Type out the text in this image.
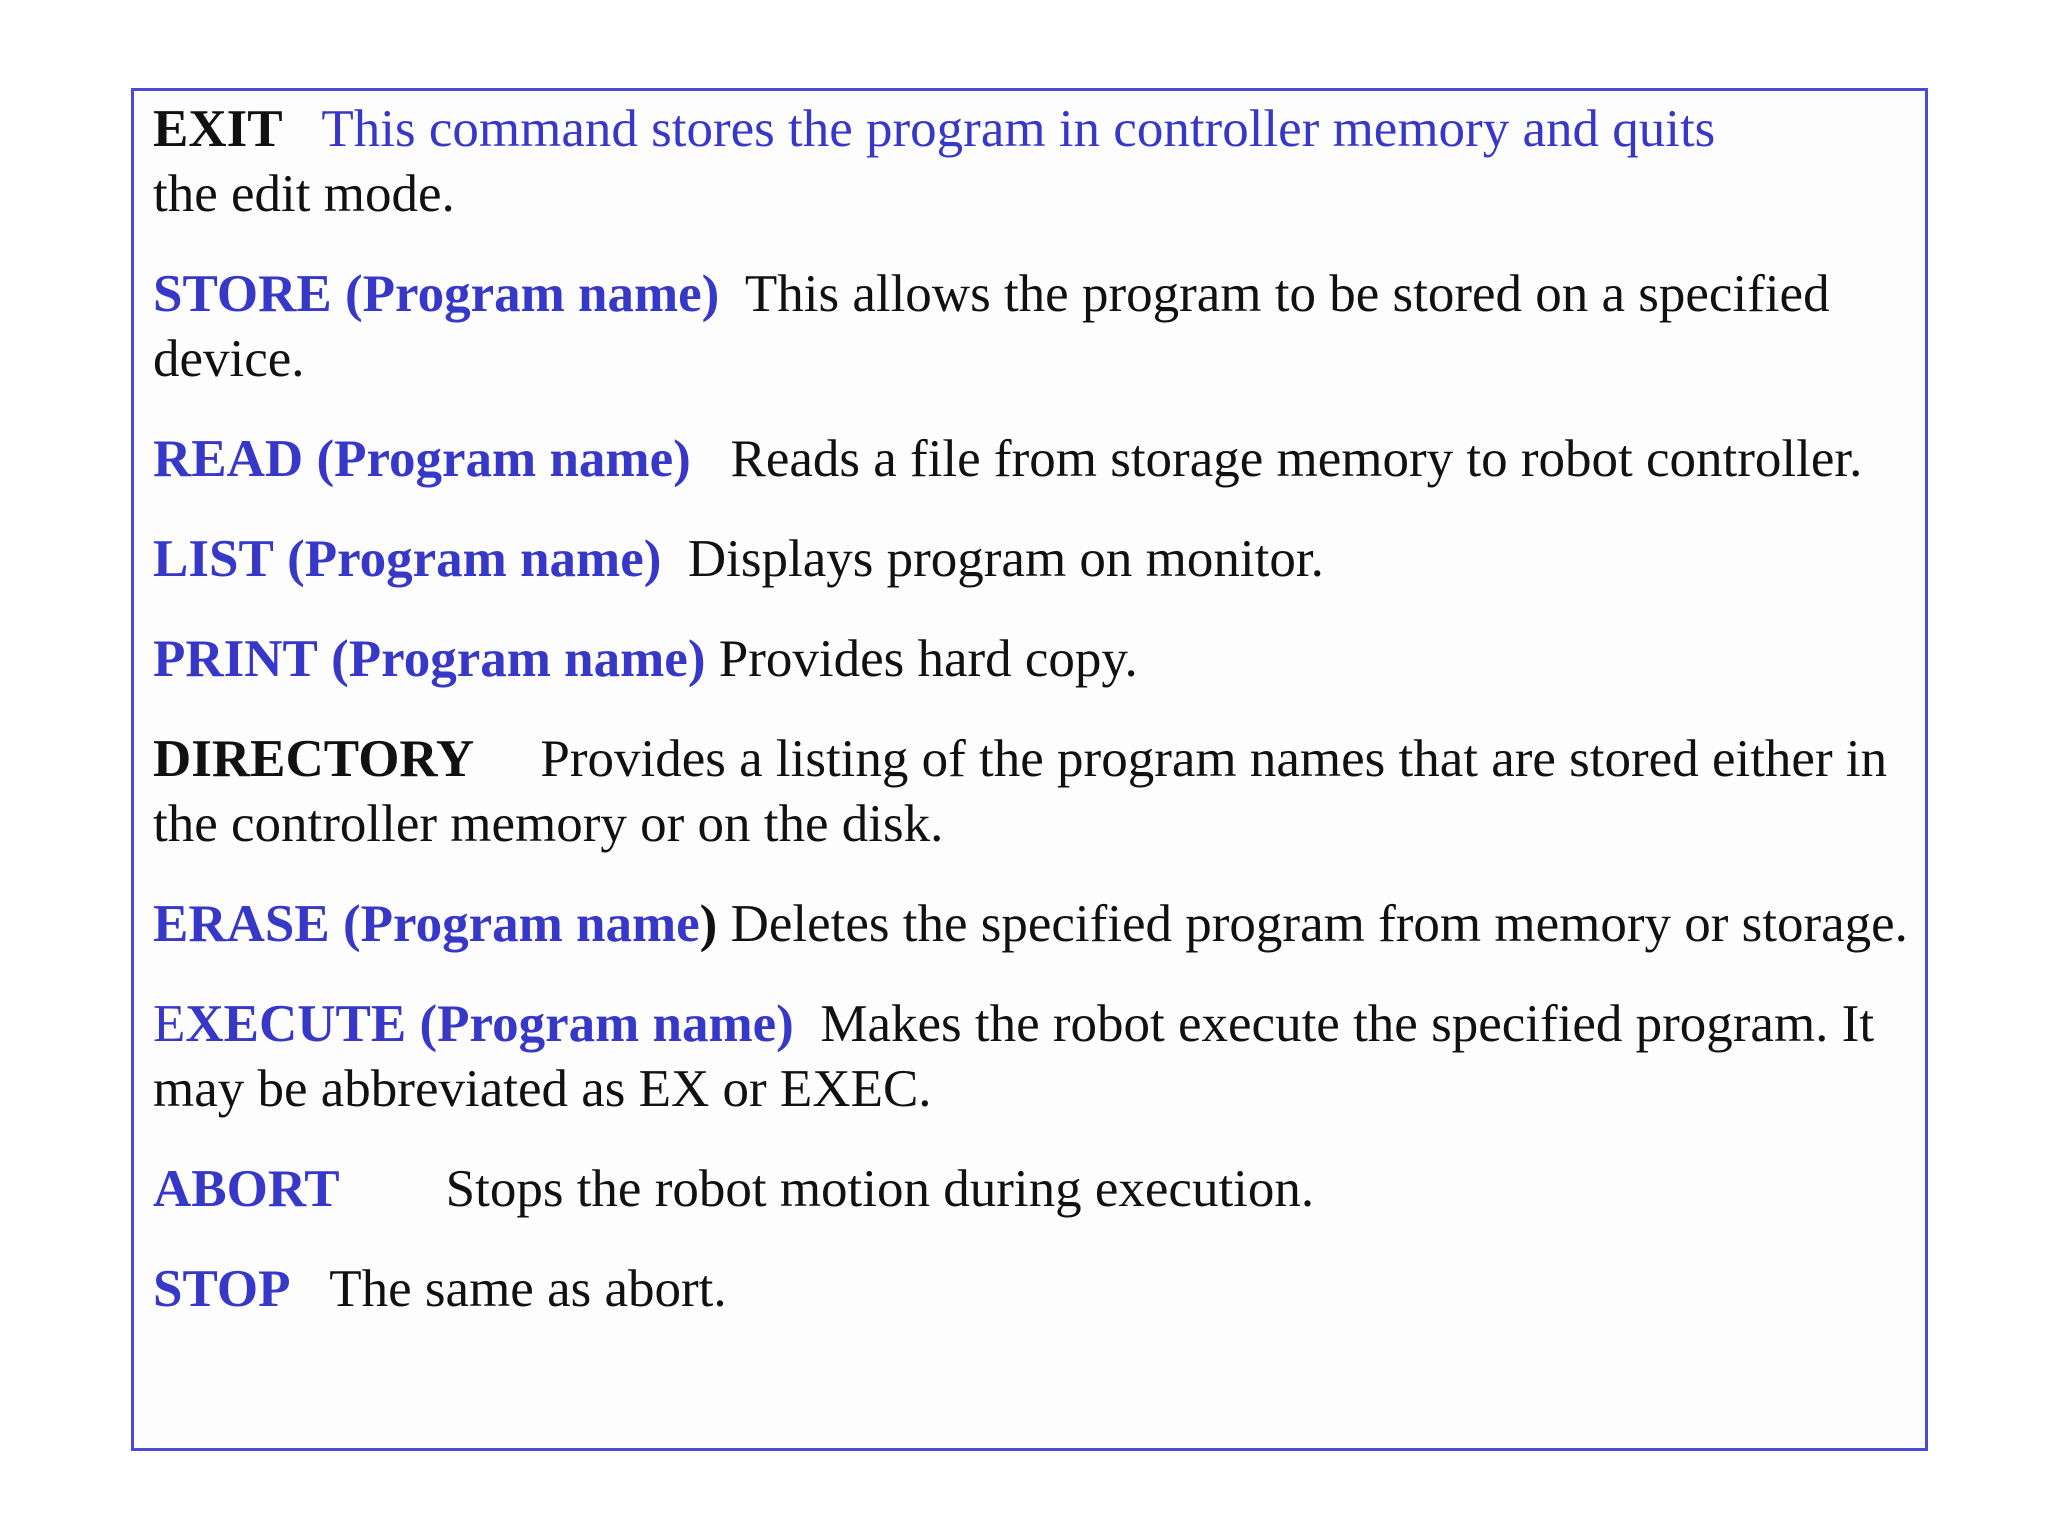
EXIT This command stores the program in controller memory and quits
the edit mode.

STORE (Program name) This allows the program to be stored on a specified device.

READ (Program name) Reads a file from storage memory to robot controller.

LIST (Program name) Displays program on monitor.

PRINT (Program name) Provides hard copy.

DIRECTORY Provides a listing of the program names that are stored either in the controller memory or on the disk.

ERASE (Program name) Deletes the specified program from memory or storage.

EXECUTE (Program name) Makes the robot execute the specified program. It may be abbreviated as EX or EXEC.

ABORT Stops the robot motion during execution.

STOP The same as abort.
